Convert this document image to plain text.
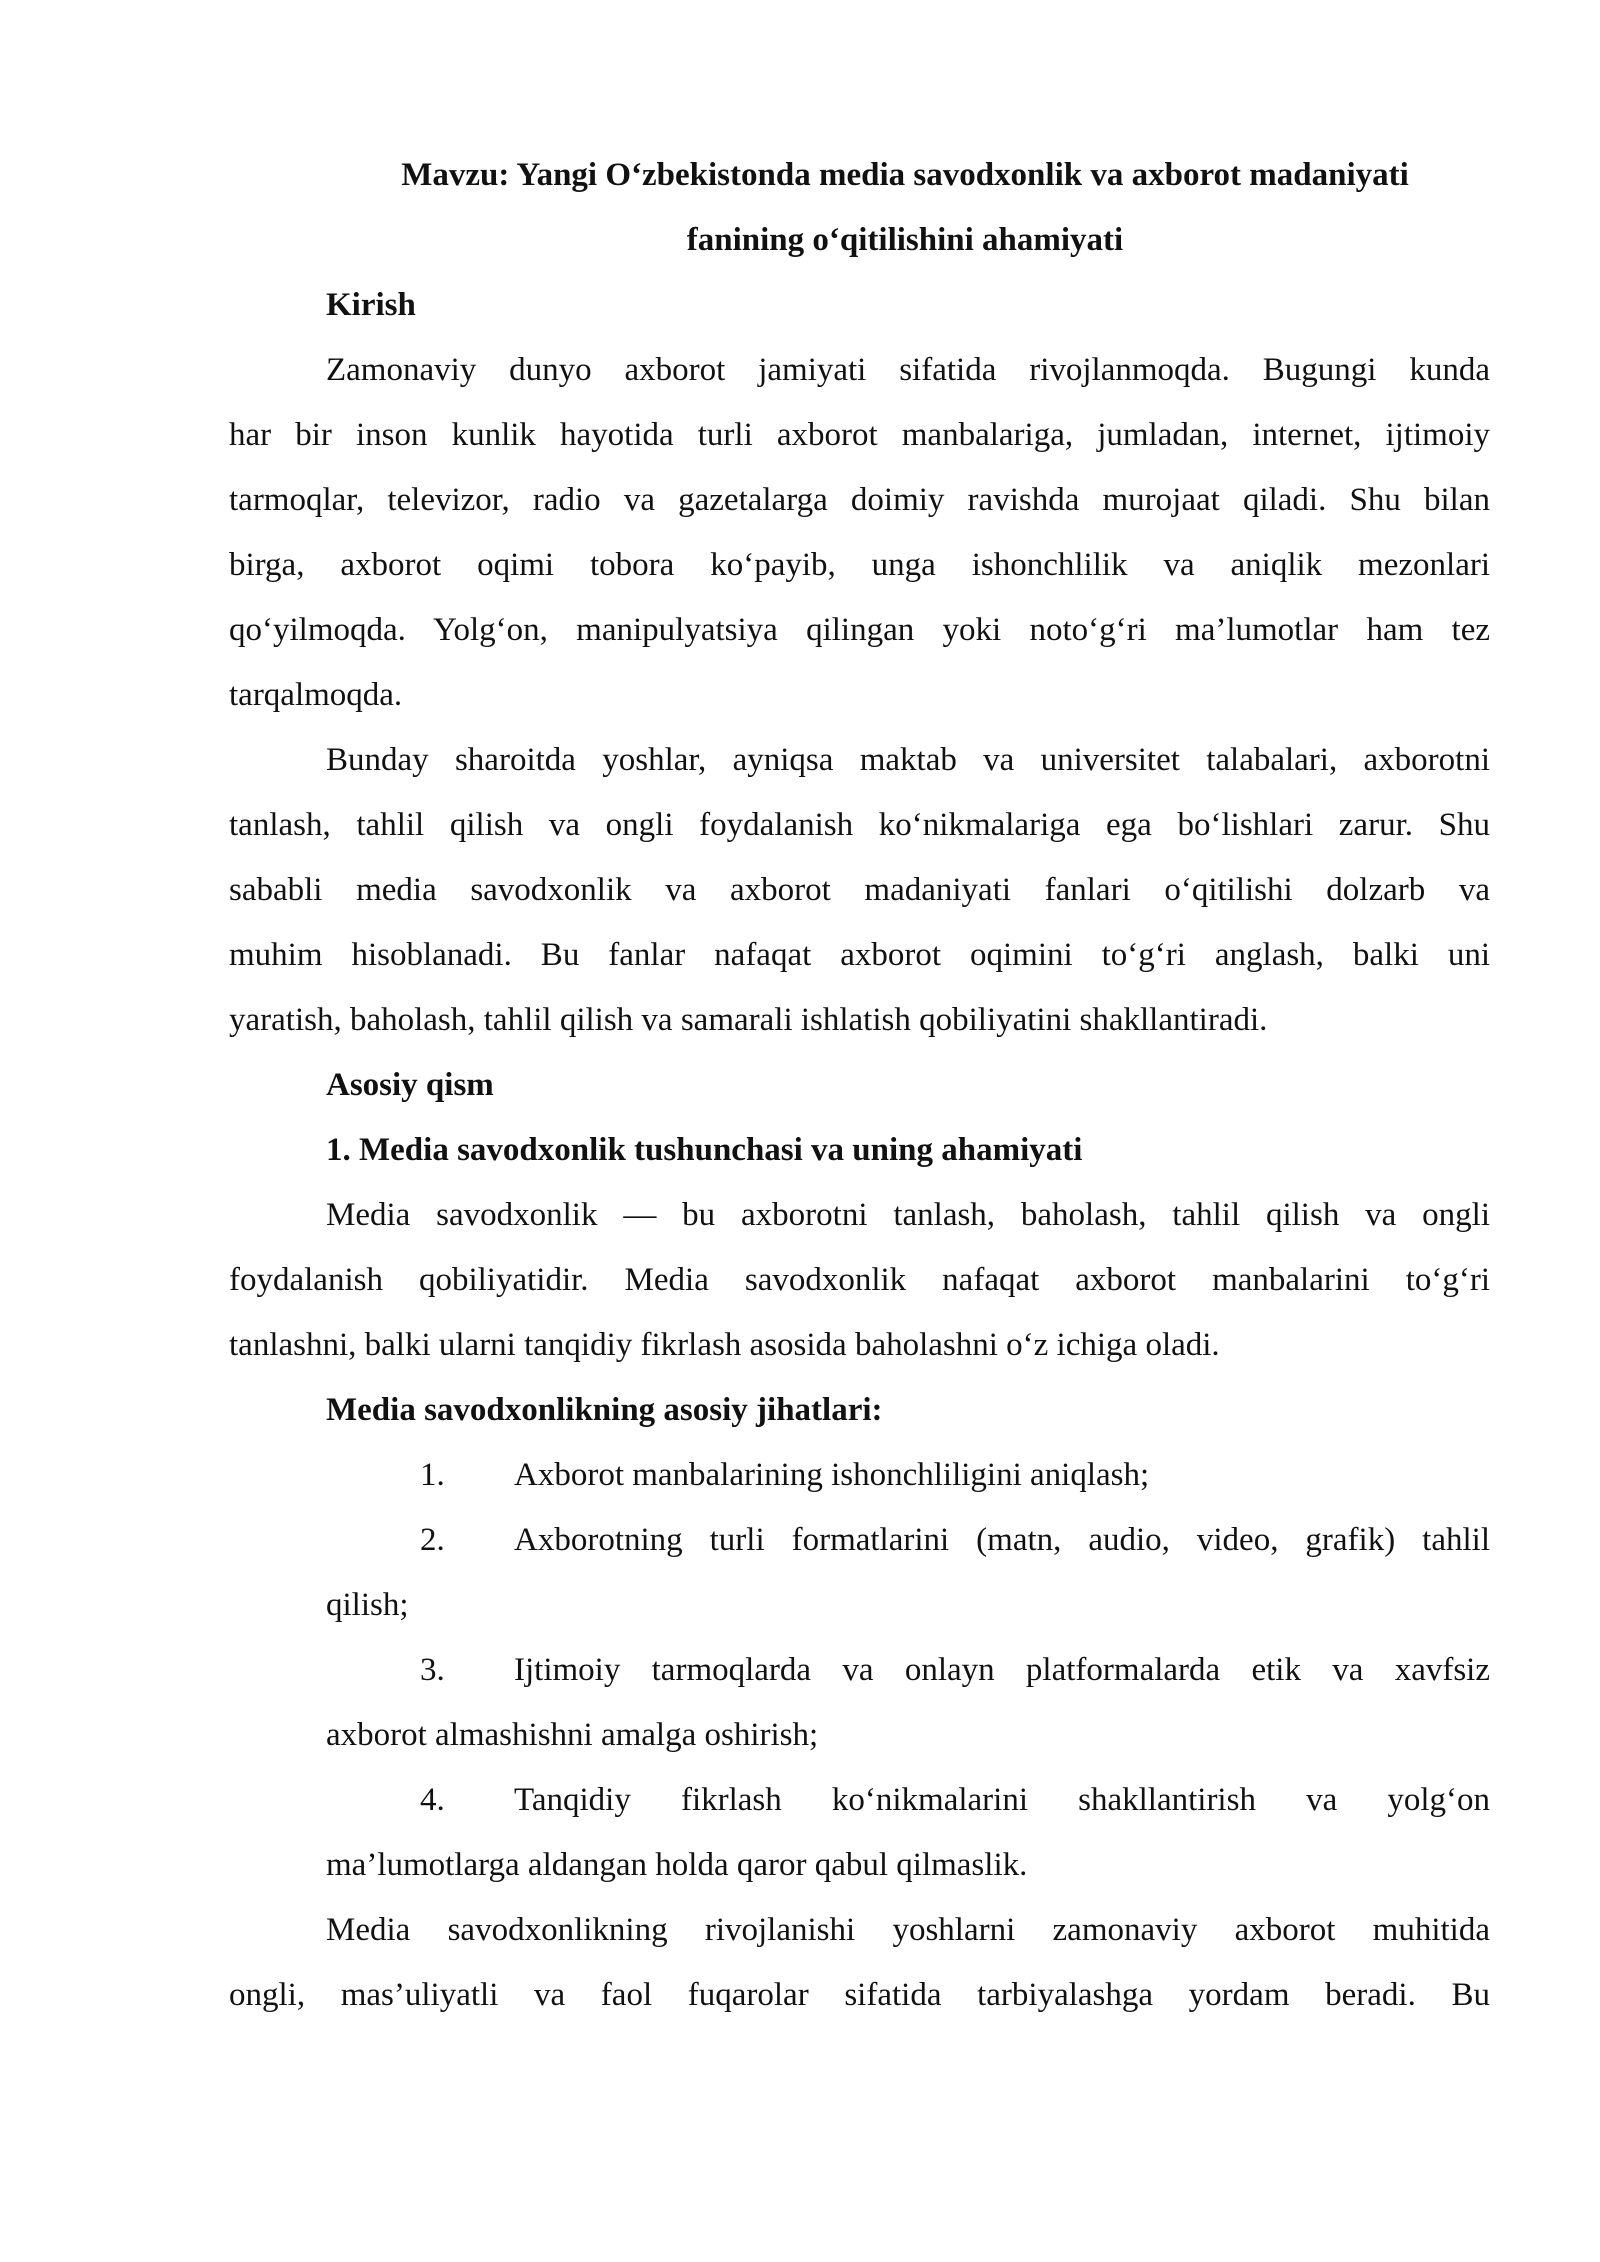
Mavzu: Yangi O‘zbekistonda media savodxonlik va axborot madaniyati
fanining o‘qitilishini ahamiyati
Kirish
Zamonaviy dunyo axborot jamiyati sifatida rivojlanmoqda. Bugungi kunda
har bir inson kunlik hayotida turli axborot manbalariga, jumladan, internet, ijtimoiy
tarmoqlar, televizor, radio va gazetalarga doimiy ravishda murojaat qiladi. Shu bilan
birga, axborot oqimi tobora ko‘payib, unga ishonchlilik va aniqlik mezonlari
qo‘yilmoqda. Yolg‘on, manipulyatsiya qilingan yoki noto‘g‘ri ma’lumotlar ham tez
tarqalmoqda.
Bunday sharoitda yoshlar, ayniqsa maktab va universitet talabalari, axborotni
tanlash, tahlil qilish va ongli foydalanish ko‘nikmalariga ega bo‘lishlari zarur. Shu
sababli media savodxonlik va axborot madaniyati fanlari o‘qitilishi dolzarb va
muhim hisoblanadi. Bu fanlar nafaqat axborot oqimini to‘g‘ri anglash, balki uni
yaratish, baholash, tahlil qilish va samarali ishlatish qobiliyatini shakllantiradi.
Asosiy qism
1. Media savodxonlik tushunchasi va uning ahamiyati
Media savodxonlik — bu axborotni tanlash, baholash, tahlil qilish va ongli
foydalanish qobiliyatidir. Media savodxonlik nafaqat axborot manbalarini to‘g‘ri
tanlashni, balki ularni tanqidiy fikrlash asosida baholashni o‘z ichiga oladi.
Media savodxonlikning asosiy jihatlari:
1. Axborot manbalarining ishonchliligini aniqlash;
2. Axborotning turli formatlarini (matn, audio, video, grafik) tahlil
qilish;
3. Ijtimoiy tarmoqlarda va onlayn platformalarda etik va xavfsiz
axborot almashishni amalga oshirish;
4. Tanqidiy fikrlash ko‘nikmalarini shakllantirish va yolg‘on
ma’lumotlarga aldangan holda qaror qabul qilmaslik.
Media savodxonlikning rivojlanishi yoshlarni zamonaviy axborot muhitida
ongli, mas’uliyatli va faol fuqarolar sifatida tarbiyalashga yordam beradi. Bu
